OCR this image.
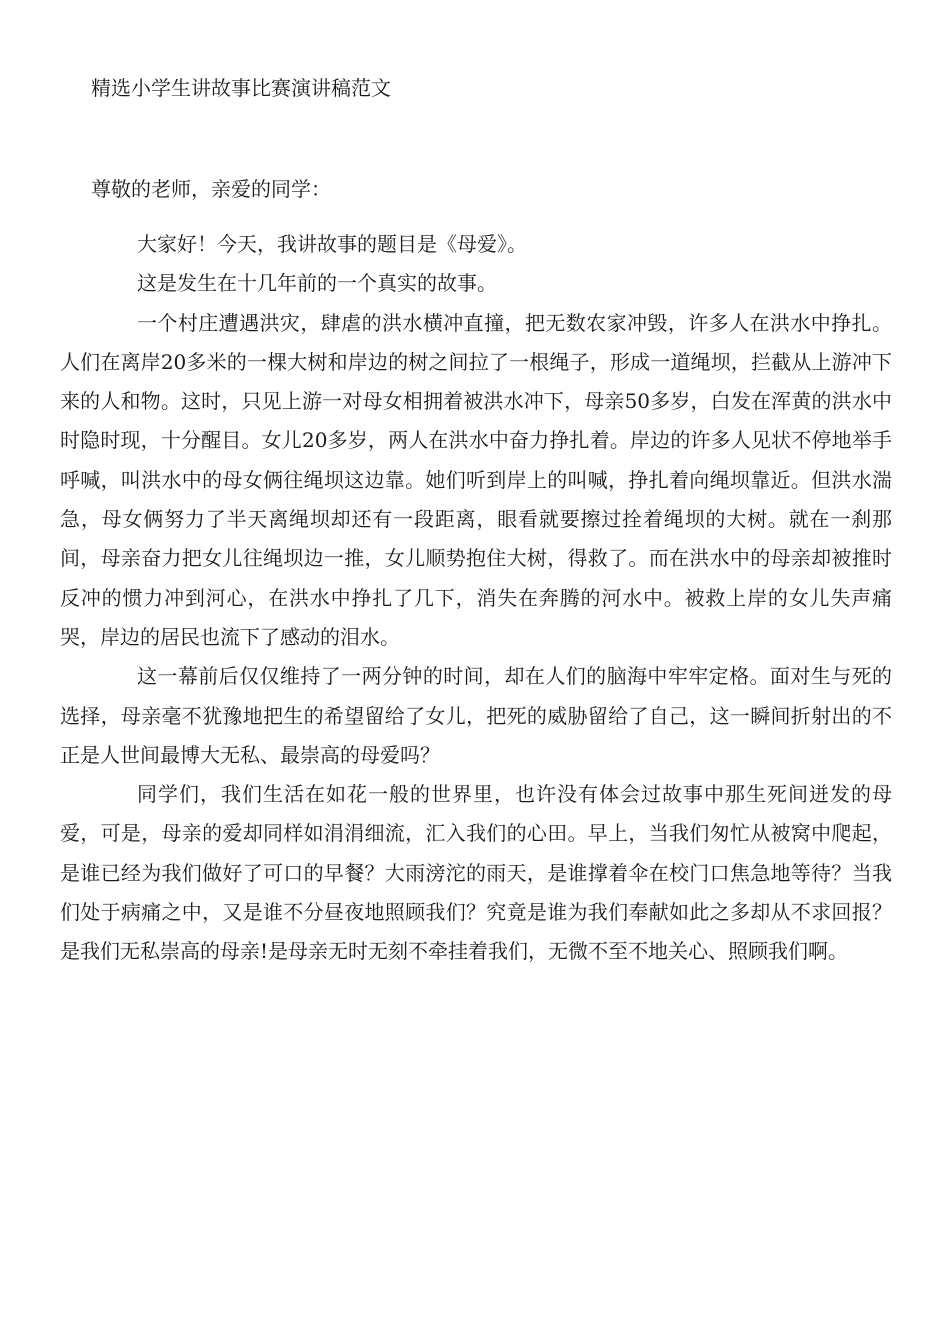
精选小学生讲故事比赛演讲稿范文

尊敬的老师，亲爱的同学：

大家好！今天，我讲故事的题目是《母爱》。

这是发生在十几年前的一个真实的故事。

一个村庄遭遇洪灾，肆虐的洪水横冲直撞，把无数农家冲毁，许多人在洪水中挣扎。人们在离岸20多米的一棵大树和岸边的树之间拉了一根绳子，形成一道绳坝，拦截从上游冲下来的人和物。这时，只见上游一对母女相拥着被洪水冲下，母亲50多岁，白发在浑黄的洪水中时隐时现，十分醒目。女儿20多岁，两人在洪水中奋力挣扎着。岸边的许多人见状不停地举手呼喊，叫洪水中的母女俩往绳坝这边靠。她们听到岸上的叫喊，挣扎着向绳坝靠近。但洪水湍急，母女俩努力了半天离绳坝却还有一段距离，眼看就要擦过拴着绳坝的大树。就在一刹那间，母亲奋力把女儿往绳坝边一推，女儿顺势抱住大树，得救了。而在洪水中的母亲却被推时反冲的惯力冲到河心，在洪水中挣扎了几下，消失在奔腾的河水中。被救上岸的女儿失声痛哭，岸边的居民也流下了感动的泪水。

这一幕前后仅仅维持了一两分钟的时间，却在人们的脑海中牢牢定格。面对生与死的选择，母亲毫不犹豫地把生的希望留给了女儿，把死的威胁留给了自己，这一瞬间折射出的不正是人世间最博大无私、最崇高的母爱吗？

同学们，我们生活在如花一般的世界里，也许没有体会过故事中那生死间迸发的母爱，可是，母亲的爱却同样如涓涓细流，汇入我们的心田。早上，当我们匆忙从被窝中爬起，是谁已经为我们做好了可口的早餐？大雨滂沱的雨天，是谁撑着伞在校门口焦急地等待？当我们处于病痛之中，又是谁不分昼夜地照顾我们？究竟是谁为我们奉献如此之多却从不求回报？是我们无私崇高的母亲!是母亲无时无刻不牵挂着我们，无微不至不地关心、照顾我们啊。
